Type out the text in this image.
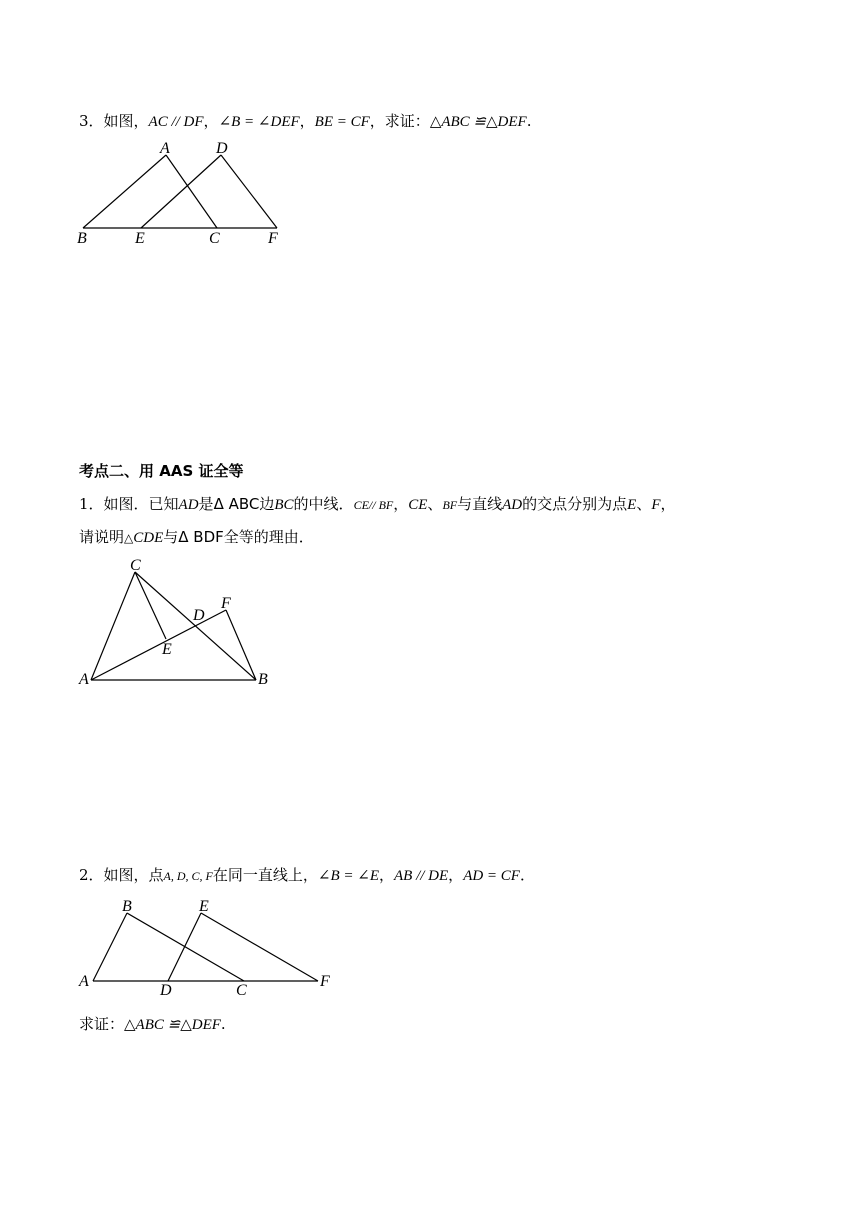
3．如图，AC // DF，∠B = ∠DEF，BE = CF，求证：△ABC ≌△DEF.
A	D
B	E	C	F
C
F
D
E
A	B
B	E
A
D	C
F
考点二、用 AAS 证全等
1．如图．已知AD是Δ ABC边BC的中线．CE// BF，CE、BF与直线AD的交点分别为点E、F，
请说明△CDE与Δ BDF全等的理由．
2．如图，点A, D, C, F在同一直线上，∠B = ∠E，AB // DE，AD = CF．
求证：△ABC ≌△DEF.
